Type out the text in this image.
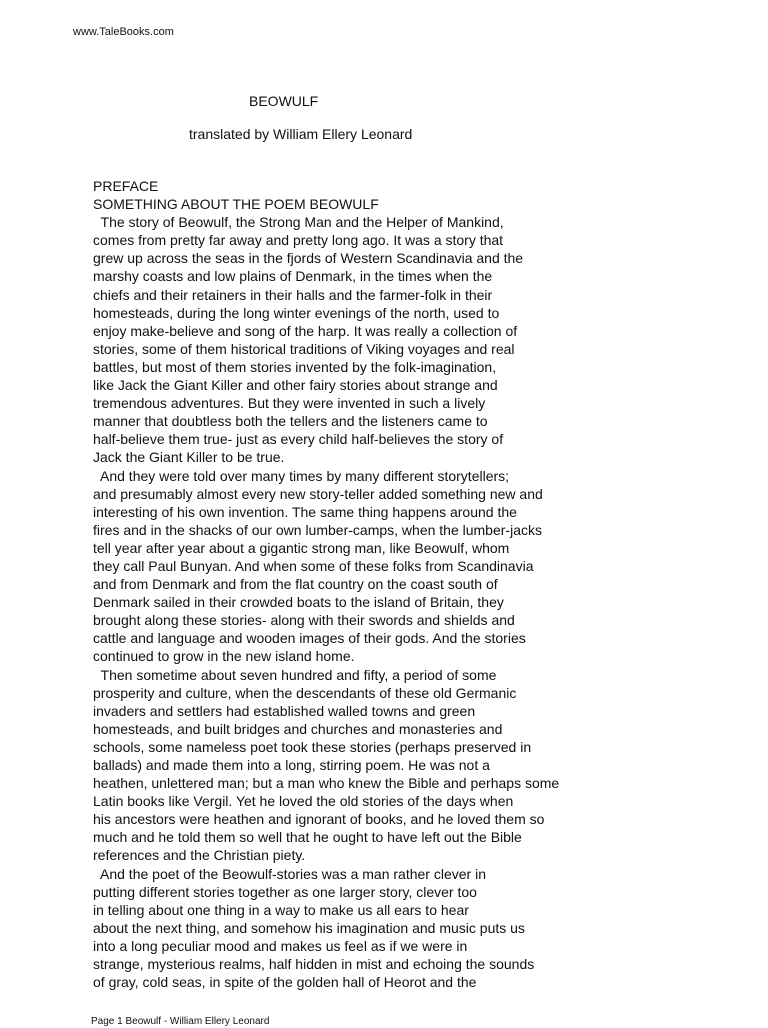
www.TaleBooks.com
BEOWULF
translated by William Ellery Leonard
PREFACE
SOMETHING ABOUT THE POEM BEOWULF
The story of Beowulf, the Strong Man and the Helper of Mankind,
comes from pretty far away and pretty long ago. It was a story that
grew up across the seas in the fjords of Western Scandinavia and the
marshy coasts and low plains of Denmark, in the times when the
chiefs and their retainers in their halls and the farmer-folk in their
homesteads, during the long winter evenings of the north, used to
enjoy make-believe and song of the harp. It was really a collection of
stories, some of them historical traditions of Viking voyages and real
battles, but most of them stories invented by the folk-imagination,
like Jack the Giant Killer and other fairy stories about strange and
tremendous adventures. But they were invented in such a lively
manner that doubtless both the tellers and the listeners came to
half-believe them true- just as every child half-believes the story of
Jack the Giant Killer to be true.
And they were told over many times by many different storytellers;
and presumably almost every new story-teller added something new and
interesting of his own invention. The same thing happens around the
fires and in the shacks of our own lumber-camps, when the lumber-jacks
tell year after year about a gigantic strong man, like Beowulf, whom
they call Paul Bunyan. And when some of these folks from Scandinavia
and from Denmark and from the flat country on the coast south of
Denmark sailed in their crowded boats to the island of Britain, they
brought along these stories- along with their swords and shields and
cattle and language and wooden images of their gods. And the stories
continued to grow in the new island home.
Then sometime about seven hundred and fifty, a period of some
prosperity and culture, when the descendants of these old Germanic
invaders and settlers had established walled towns and green
homesteads, and built bridges and churches and monasteries and
schools, some nameless poet took these stories (perhaps preserved in
ballads) and made them into a long, stirring poem. He was not a
heathen, unlettered man; but a man who knew the Bible and perhaps some
Latin books like Vergil. Yet he loved the old stories of the days when
his ancestors were heathen and ignorant of books, and he loved them so
much and he told them so well that he ought to have left out the Bible
references and the Christian piety.
And the poet of the Beowulf-stories was a man rather clever in
putting different stories together as one larger story, clever too
in telling about one thing in a way to make us all ears to hear
about the next thing, and somehow his imagination and music puts us
into a long peculiar mood and makes us feel as if we were in
strange, mysterious realms, half hidden in mist and echoing the sounds
of gray, cold seas, in spite of the golden hall of Heorot and the
Page 1 Beowulf - William Ellery Leonard
